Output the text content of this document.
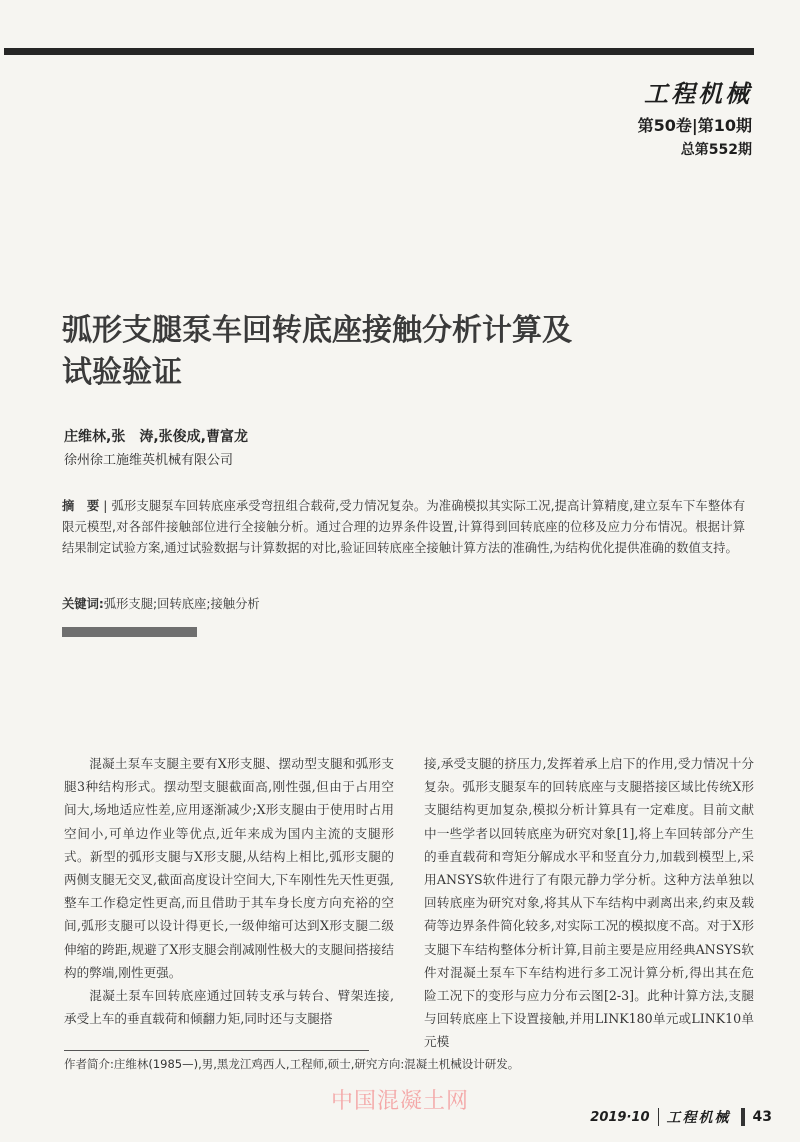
工程机械
第50卷|第10期
总第552期
弧形支腿泵车回转底座接触分析计算及
试验验证
庄维林,张　涛,张俊成,曹富龙
徐州徐工施维英机械有限公司
摘　要 | 弧形支腿泵车回转底座承受弯扭组合载荷,受力情况复杂。为准确模拟其实际工况,提高计算精度,建立泵车下车整体有限元模型,对各部件接触部位进行全接触分析。通过合理的边界条件设置,计算得到回转底座的位移及应力分布情况。根据计算结果制定试验方案,通过试验数据与计算数据的对比,验证回转底座全接触计算方法的准确性,为结构优化提供准确的数值支持。
关键词:弧形支腿;回转底座;接触分析

混凝土泵车支腿主要有X形支腿、摆动型支腿和弧形支腿3种结构形式。摆动型支腿截面高,刚性强,但由于占用空间大,场地适应性差,应用逐渐减少;X形支腿由于使用时占用空间小,可单边作业等优点,近年来成为国内主流的支腿形式。新型的弧形支腿与X形支腿,从结构上相比,弧形支腿的两侧支腿无交叉,截面高度设计空间大,下车刚性先天性更强,整车工作稳定性更高,而且借助于其车身长度方向充裕的空间,弧形支腿可以设计得更长,一级伸缩可达到X形支腿二级伸缩的跨距,规避了X形支腿会削减刚性极大的支腿间搭接结构的弊端,刚性更强。

混凝土泵车回转底座通过回转支承与转台、臂架连接,承受上车的垂直载荷和倾翻力矩,同时还与支腿搭

接,承受支腿的挤压力,发挥着承上启下的作用,受力情况十分复杂。弧形支腿泵车的回转底座与支腿搭接区域比传统X形支腿结构更加复杂,模拟分析计算具有一定难度。目前文献中一些学者以回转底座为研究对象[1],将上车回转部分产生的垂直载荷和弯矩分解成水平和竖直分力,加载到模型上,采用ANSYS软件进行了有限元静力学分析。这种方法单独以回转底座为研究对象,将其从下车结构中剥离出来,约束及载荷等边界条件简化较多,对实际工况的模拟度不高。对于X形支腿下车结构整体分析计算,目前主要是应用经典ANSYS软件对混凝土泵车下车结构进行多工况计算分析,得出其在危险工况下的变形与应力分布云图[2-3]。此种计算方法,支腿与回转底座上下设置接触,并用LINK180单元或LINK10单元模

作者简介:庄维林(1985—),男,黑龙江鸡西人,工程师,硕士,研究方向:混凝土机械设计研发。
中国混凝土网
2019·10 工程机械 43
